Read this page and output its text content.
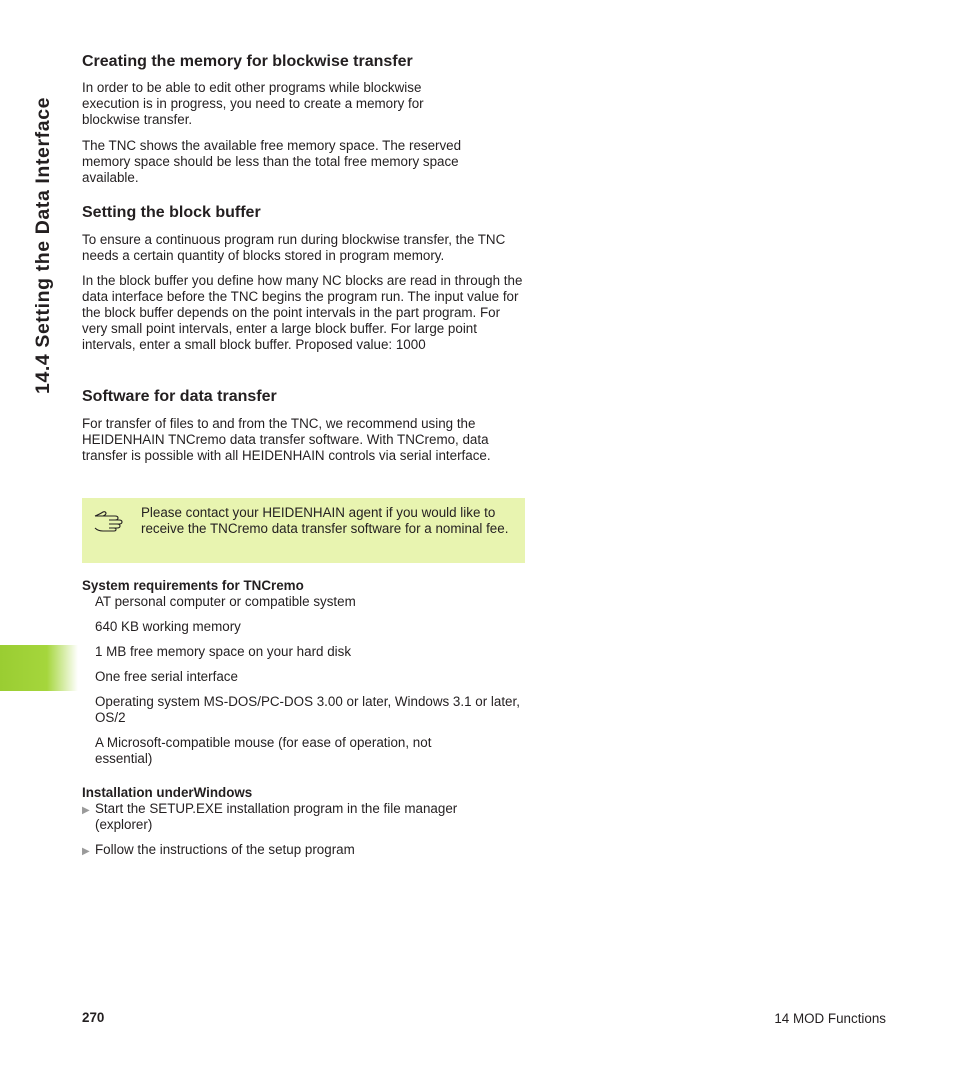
14.4 Setting the Data Interface
Creating the memory for blockwise transfer

In order to be able to edit other programs while blockwise execution is in progress, you need to create a memory for blockwise transfer.

The TNC shows the available free memory space. The reserved memory space should be less than the total free memory space available.

Setting the block buffer

To ensure a continuous program run during blockwise transfer, the TNC needs a certain quantity of blocks stored in program memory.

In the block buffer you define how many NC blocks are read in through the data interface before the TNC begins the program run. The input value for the block buffer depends on the point intervals in the part program. For very small point intervals, enter a large block buffer. For large point intervals, enter a small block buffer. Proposed value: 1000

Software for data transfer

For transfer of files to and from the TNC, we recommend using the HEIDENHAIN TNCremo data transfer software. With TNCremo, data transfer is possible with all HEIDENHAIN controls via serial interface.

Please contact your HEIDENHAIN agent if you would like to receive the TNCremo data transfer software for a nominal fee.

System requirements for TNCremo

AT personal computer or compatible system

640 KB working memory

1 MB free memory space on your hard disk

One free serial interface

Operating system MS-DOS/PC-DOS 3.00 or later, Windows 3.1 or later, OS/2

A Microsoft-compatible mouse (for ease of operation, not essential)

Installation underWindows

▶ Start the SETUP.EXE installation program in the file manager (explorer)

▶ Follow the instructions of the setup program

270	14 MOD Functions
